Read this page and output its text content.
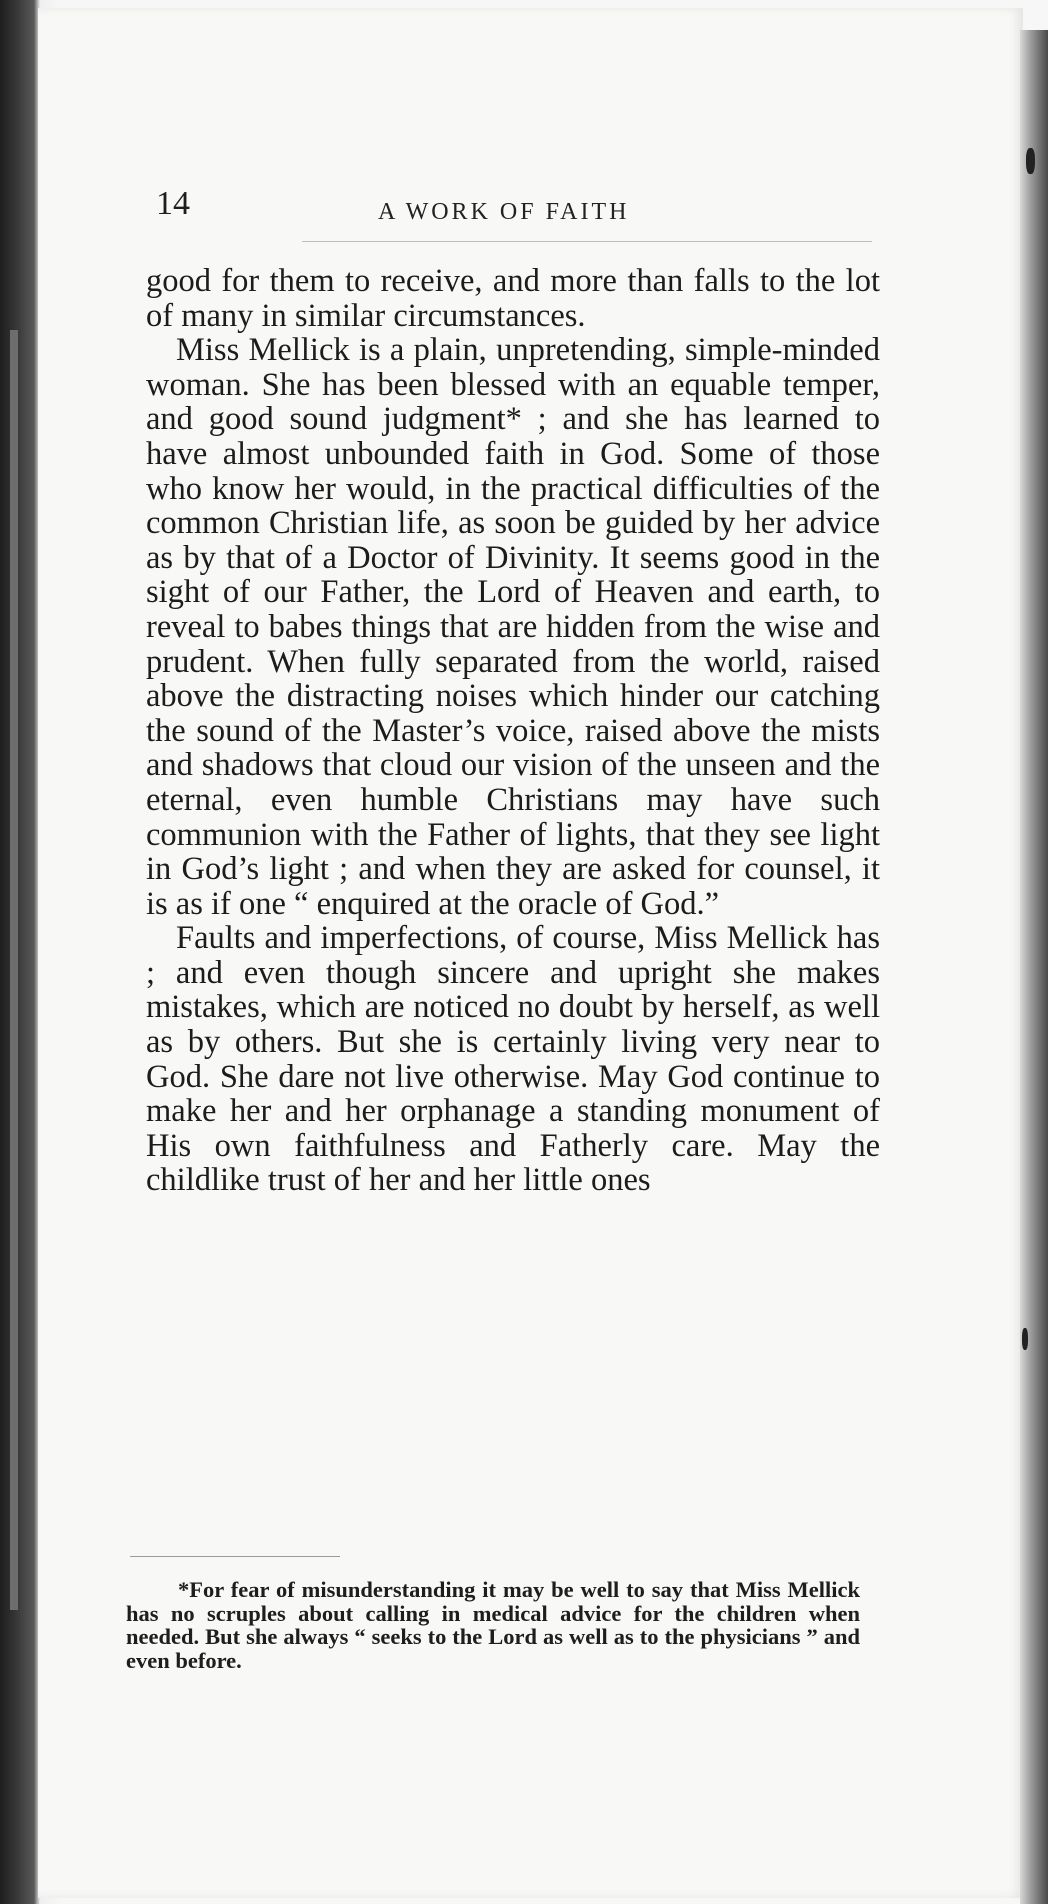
14	A WORK OF FAITH

good for them to receive, and more than falls to the lot of many in similar circumstances.

Miss Mellick is a plain, unpretending, simple-minded woman. She has been blessed with an equable temper, and good sound judgment* ; and she has learned to have almost unbounded faith in God. Some of those who know her would, in the practical difficulties of the common Christian life, as soon be guided by her advice as by that of a Doctor of Divinity. It seems good in the sight of our Father, the Lord of Heaven and earth, to reveal to babes things that are hidden from the wise and prudent. When fully separated from the world, raised above the distracting noises which hinder our catching the sound of the Master’s voice, raised above the mists and shadows that cloud our vision of the unseen and the eternal, even humble Christians may have such communion with the Father of lights, that they see light in God’s light ; and when they are asked for counsel, it is as if one “ enquired at the oracle of God.”

Faults and imperfections, of course, Miss Mellick has ; and even though sincere and upright she makes mistakes, which are noticed no doubt by herself, as well as by others. But she is certainly living very near to God. She dare not live otherwise. May God continue to make her and her orphanage a standing monument of His own faithfulness and Fatherly care. May the childlike trust of her and her little ones

*For fear of misunderstanding it may be well to say that Miss Mellick has no scruples about calling in medical advice for the children when needed. But she always “ seeks to the Lord as well as to the physicians ” and even before.
